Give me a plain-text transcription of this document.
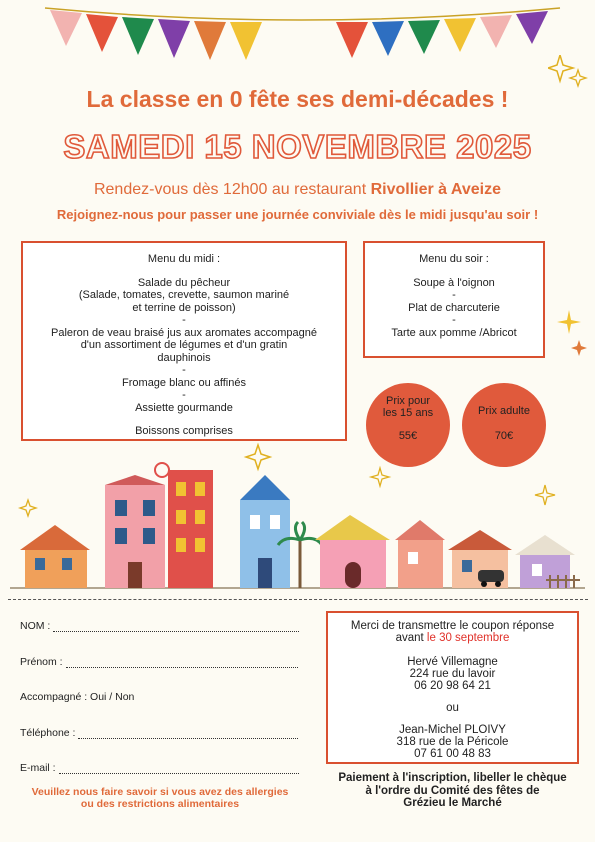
La classe en 0 fête ses demi-décades !
SAMEDI 15 NOVEMBRE 2025
Rendez-vous dès 12h00 au restaurant Rivollier à Aveize
Rejoignez-nous pour passer une journée conviviale dès le midi jusqu'au soir !
Menu du midi :
Salade du pêcheur
(Salade, tomates, crevette, saumon mariné
et terrine de poisson)
-
Paleron de veau braisé jus aux aromates accompagné
d'un assortiment de légumes et d'un gratin
dauphinois
-
Fromage blanc ou affinés
-
Assiette gourmande
Boissons comprises
Menu du soir :
Soupe à l'oignon
-
Plat de charcuterie
-
Tarte aux pomme /Abricot
Prix pour
les 15 ans
55€
Prix adulte
70€
NOM :
Prénom :
Accompagné : Oui / Non
Téléphone :
E-mail :
Veuillez nous faire savoir si vous avez des allergies
ou des restrictions alimentaires
Merci de transmettre le coupon réponse
avant le 30 septembre
Hervé Villemagne
224 rue du lavoir
06 20 98 64 21
ou
Jean-Michel PLOIVY
318 rue de la Péricole
07 61 00 48 83
Paiement à l'inscription, libeller le chèque
à l'ordre du Comité des fêtes de
Grézieu le Marché
